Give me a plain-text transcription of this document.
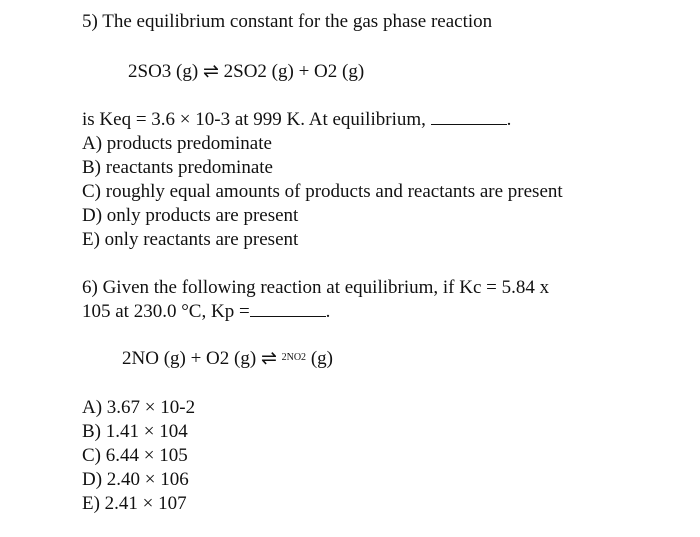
5) The equilibrium constant for the gas phase reaction
2SO3 (g) ⇌ 2SO2 (g) + O2 (g)
is Keq = 3.6 × 10-3 at 999 K. At equilibrium,	.
A) products predominate
B) reactants predominate
C) roughly equal amounts of products and reactants are present
D) only products are present
E) only reactants are present
6) Given the following reaction at equilibrium, if Kc = 5.84 x
105 at 230.0 °C, Kp =	.
2NO (g) + O2 (g) ⇌ $^{2NO2}$ (g)
A) 3.67 × 10-2
B) 1.41 × 104
C) 6.44 × 105
D) 2.40 × 106
E) 2.41 × 107
